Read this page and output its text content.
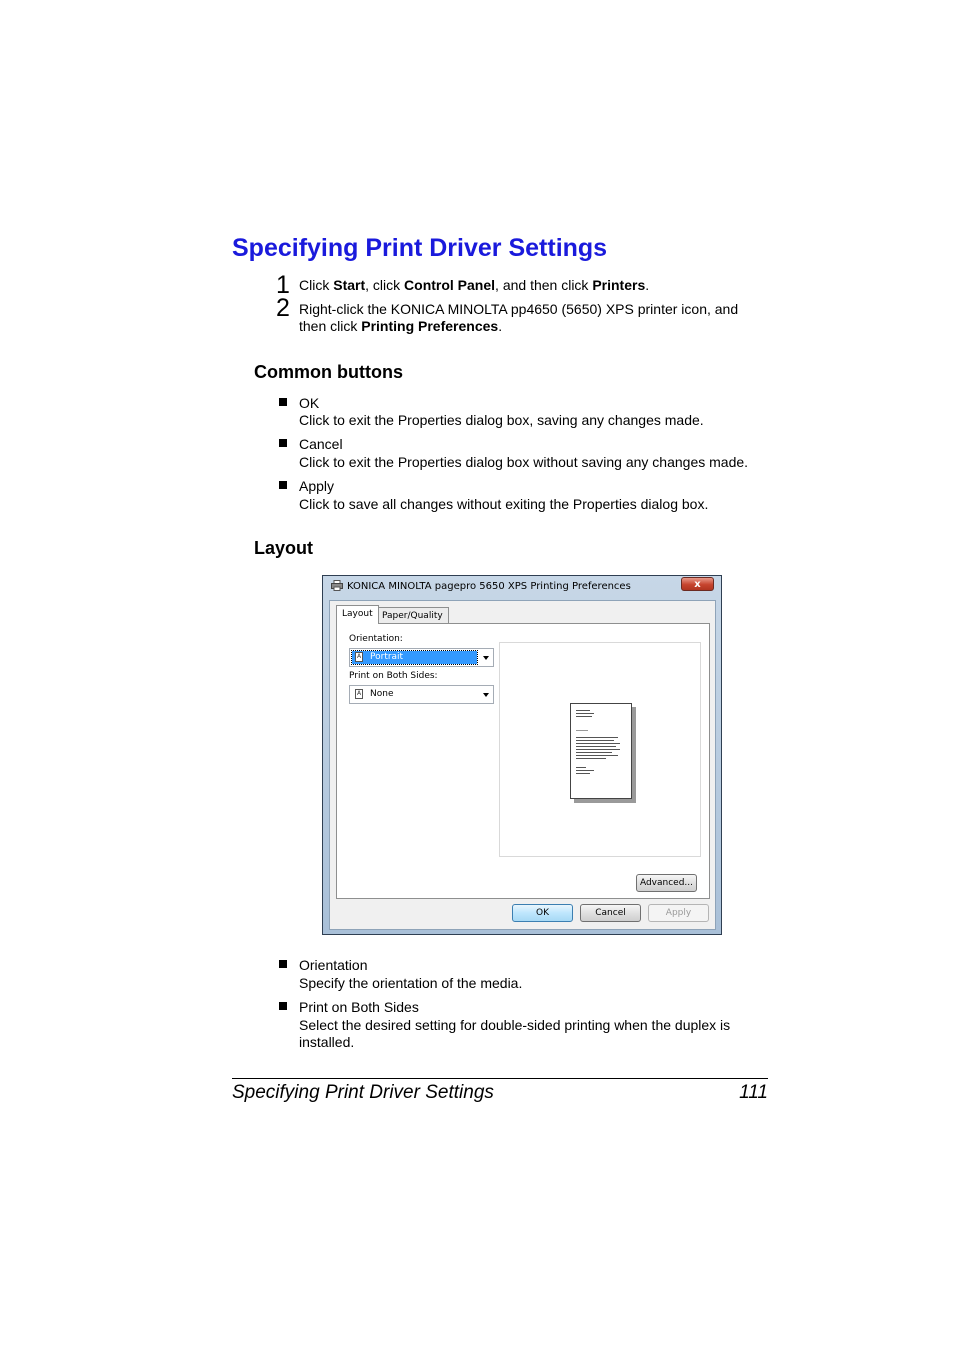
Specifying Print Driver Settings
1 Click Start, click Control Panel, and then click Printers.
2 Right-click the KONICA MINOLTA pp4650 (5650) XPS printer icon, and
then click Printing Preferences.
Common buttons
OK
Click to exit the Properties dialog box, saving any changes made.
Cancel
Click to exit the Properties dialog box without saving any changes made.
Apply
Click to save all changes without exiting the Properties dialog box.
Layout
KONICA MINOLTA pagepro 5650 XPS Printing Preferences	x
Layout	Paper/Quality
Orientation:
A Portrait
Print on Both Sides:
A None
Advanced...
OK	Cancel	Apply
Orientation
Specify the orientation of the media.
Print on Both Sides
Select the desired setting for double-sided printing when the duplex is
installed.
Specifying Print Driver Settings	111
